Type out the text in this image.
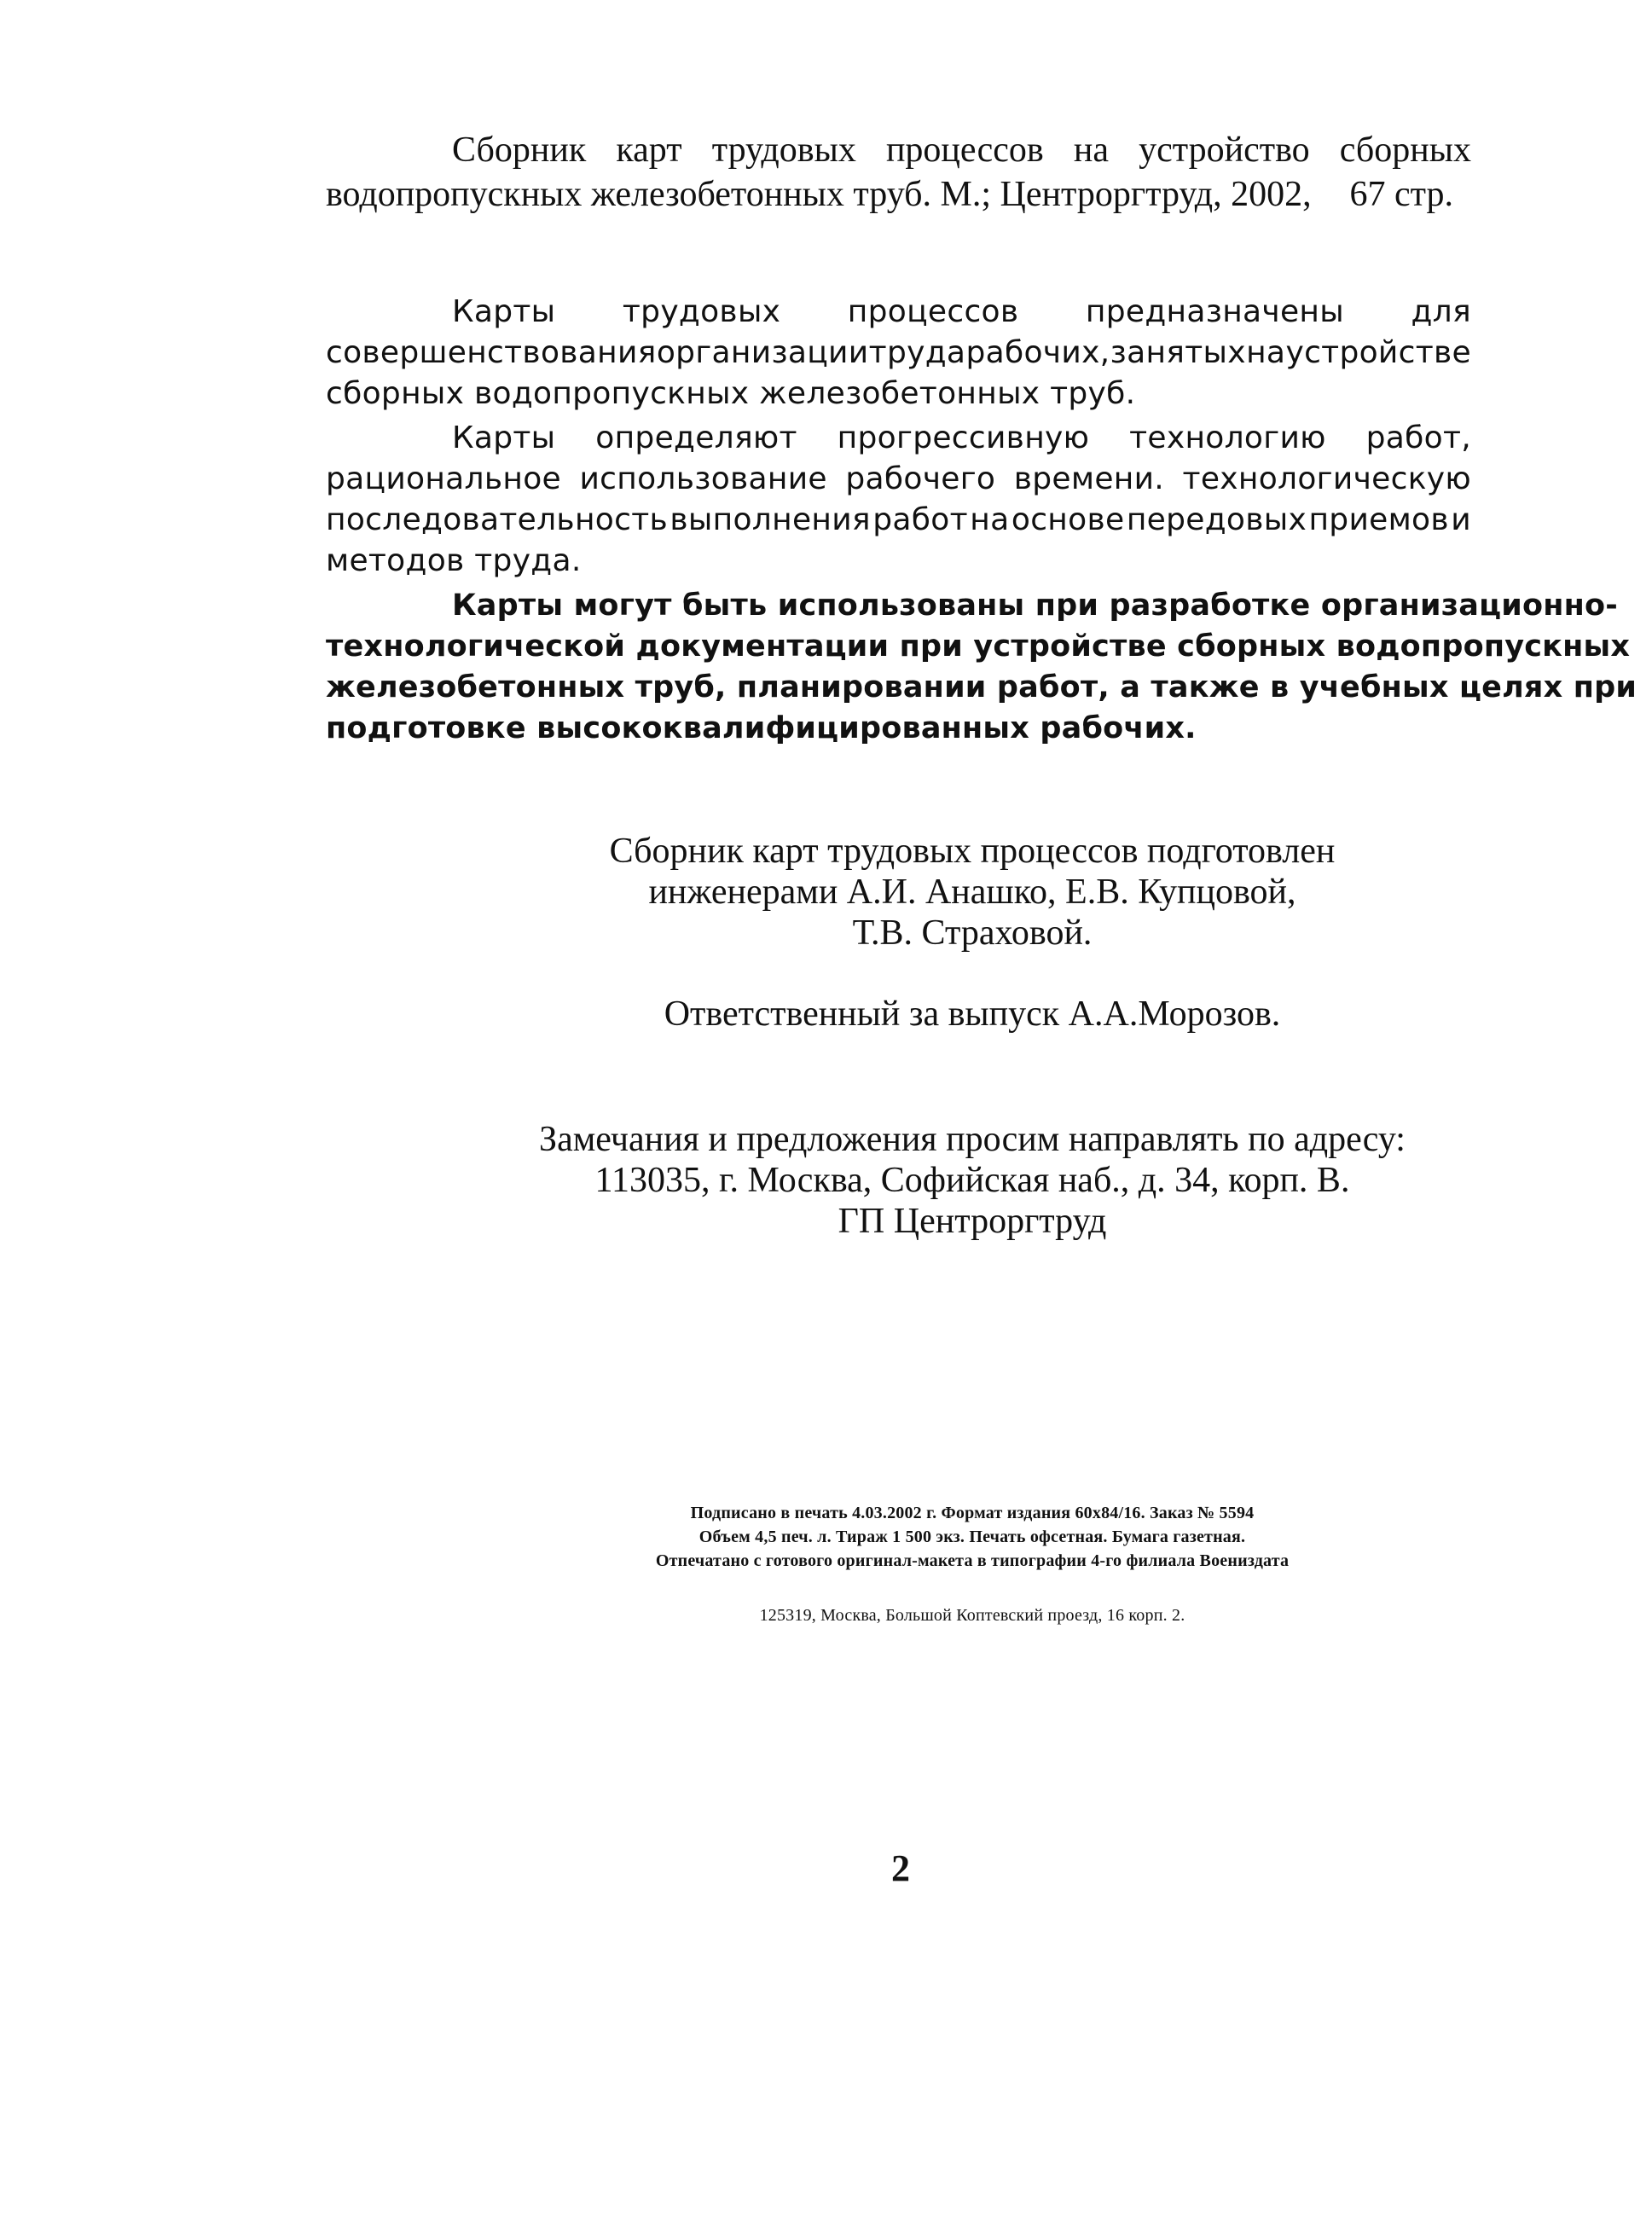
Сборник карт трудовых процессов на устройство сборных
водопропускных железобетонных труб. М.; Центроргтруд, 2002, 67 стр.
Карты трудовых процессов предназначены для
совершенствования организации труда рабочих, занятых на устройстве
сборных водопропускных железобетонных труб.
Карты определяют прогрессивную технологию работ,
рациональное использование рабочего времени. технологическую
последовательность выполнения работ на основе передовых приемов и
методов труда.
Карты могут быть использованы при разработке организационно-
технологической документации при устройстве сборных водопропускных
железобетонных труб, планировании работ, а также в учебных целях при
подготовке высококвалифицированных рабочих.
Сборник карт трудовых процессов подготовлен
инженерами А.И. Анашко, Е.В. Купцовой,
Т.В. Страховой.
Ответственный за выпуск А.А.Морозов.
Замечания и предложения просим направлять по адресу:
113035, г. Москва, Софийская наб., д. 34, корп. В.
ГП Центроргтруд
Подписано в печать 4.03.2002 г. Формат издания 60х84/16. Заказ № 5594
Объем 4,5 печ. л. Тираж 1 500 экз. Печать офсетная. Бумага газетная.
Отпечатано с готового оригинал-макета в типографии 4-го филиала Воениздата
125319, Москва, Большой Коптевский проезд, 16 корп. 2.
2
